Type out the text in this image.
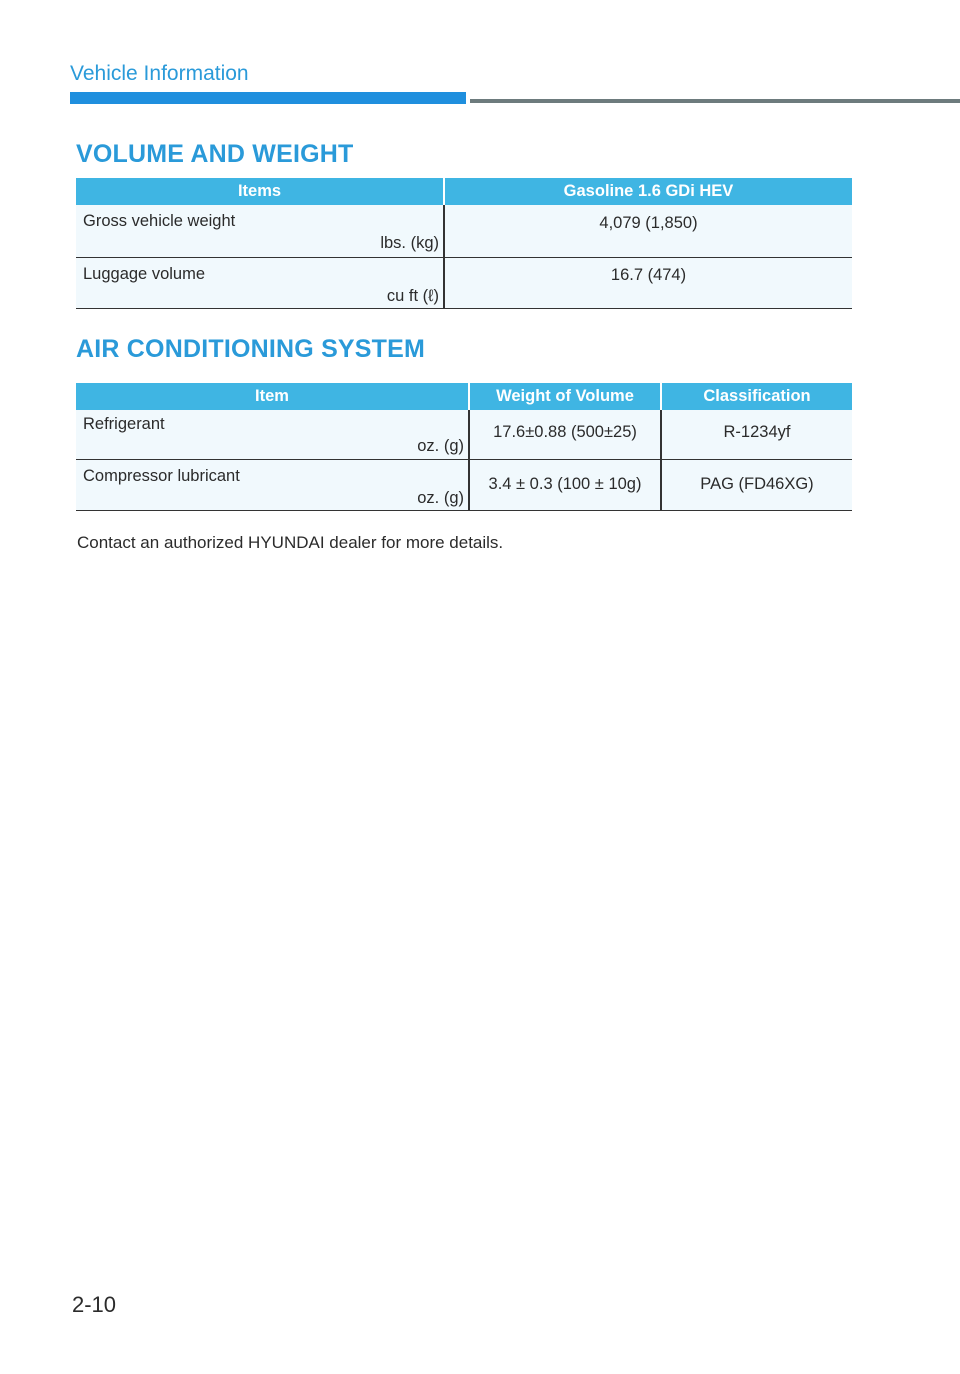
Vehicle Information
VOLUME AND WEIGHT
Items	Gasoline 1.6 GDi HEV

Gross vehicle weight
lbs. (kg)	4,079 (1,850)

Luggage volume
cu ft (ℓ)	16.7 (474)
AIR CONDITIONING SYSTEM
Item	Weight of Volume	Classification

Refrigerant
oz. (g)	17.6±0.88 (500±25)	R-1234yf

Compressor lubricant
oz. (g)	3.4 ± 0.3 (100 ± 10g)	PAG (FD46XG)
Contact an authorized HYUNDAI dealer for more details.
2-10
